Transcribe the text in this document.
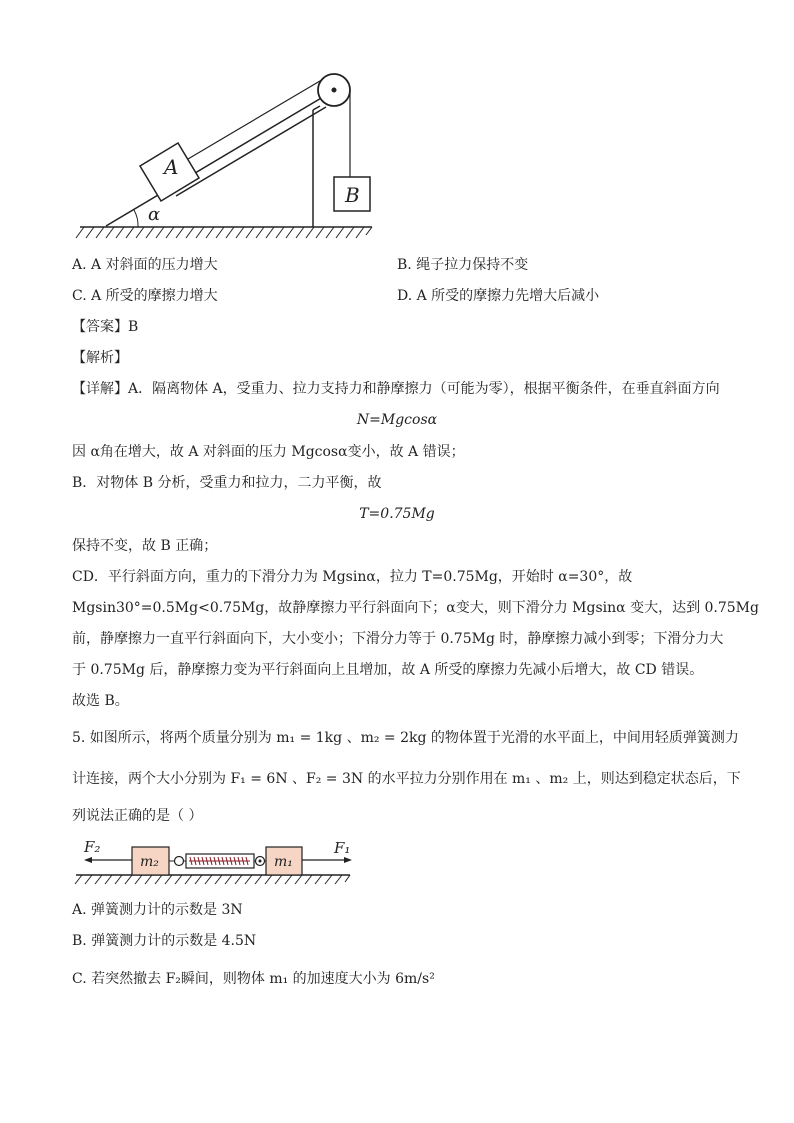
A
B
α
A. A 对斜面的压力增大	B. 绳子拉力保持不变
C. A 所受的摩擦力增大	D. A 所受的摩擦力先增大后减小
【答案】B
【解析】
【详解】A．隔离物体 A，受重力、拉力支持力和静摩擦力（可能为零），根据平衡条件，在垂直斜面方向
N=Mgcosα
因 α角在增大，故 A 对斜面的压力 Mgcosα变小，故 A 错误；
B．对物体 B 分析，受重力和拉力，二力平衡，故
T=0.75Mg
保持不变，故 B 正确；
CD．平行斜面方向，重力的下滑分力为 Mgsinα，拉力 T=0.75Mg，开始时 α=30°，故
Mgsin30°=0.5Mg<0.75Mg，故静摩擦力平行斜面向下；α变大，则下滑分力 Mgsinα 变大，达到 0.75Mg
前，静摩擦力一直平行斜面向下，大小变小；下滑分力等于 0.75Mg 时，静摩擦力减小到零；下滑分力大
于 0.75Mg 后，静摩擦力变为平行斜面向上且增加，故 A 所受的摩擦力先减小后增大，故 CD 错误。
故选 B。
5. 如图所示，将两个质量分别为 m₁ = 1kg 、m₂ = 2kg 的物体置于光滑的水平面上，中间用轻质弹簧测力
计连接，两个大小分别为 F₁ = 6N 、F₂ = 3N 的水平拉力分别作用在 m₁ 、m₂ 上，则达到稳定状态后，下
列说法正确的是（ ）
F₂	F₁
m₂	m₁
A. 弹簧测力计的示数是 3N
B. 弹簧测力计的示数是 4.5N
C. 若突然撤去 F₂瞬间，则物体 m₁ 的加速度大小为 6m/s²
